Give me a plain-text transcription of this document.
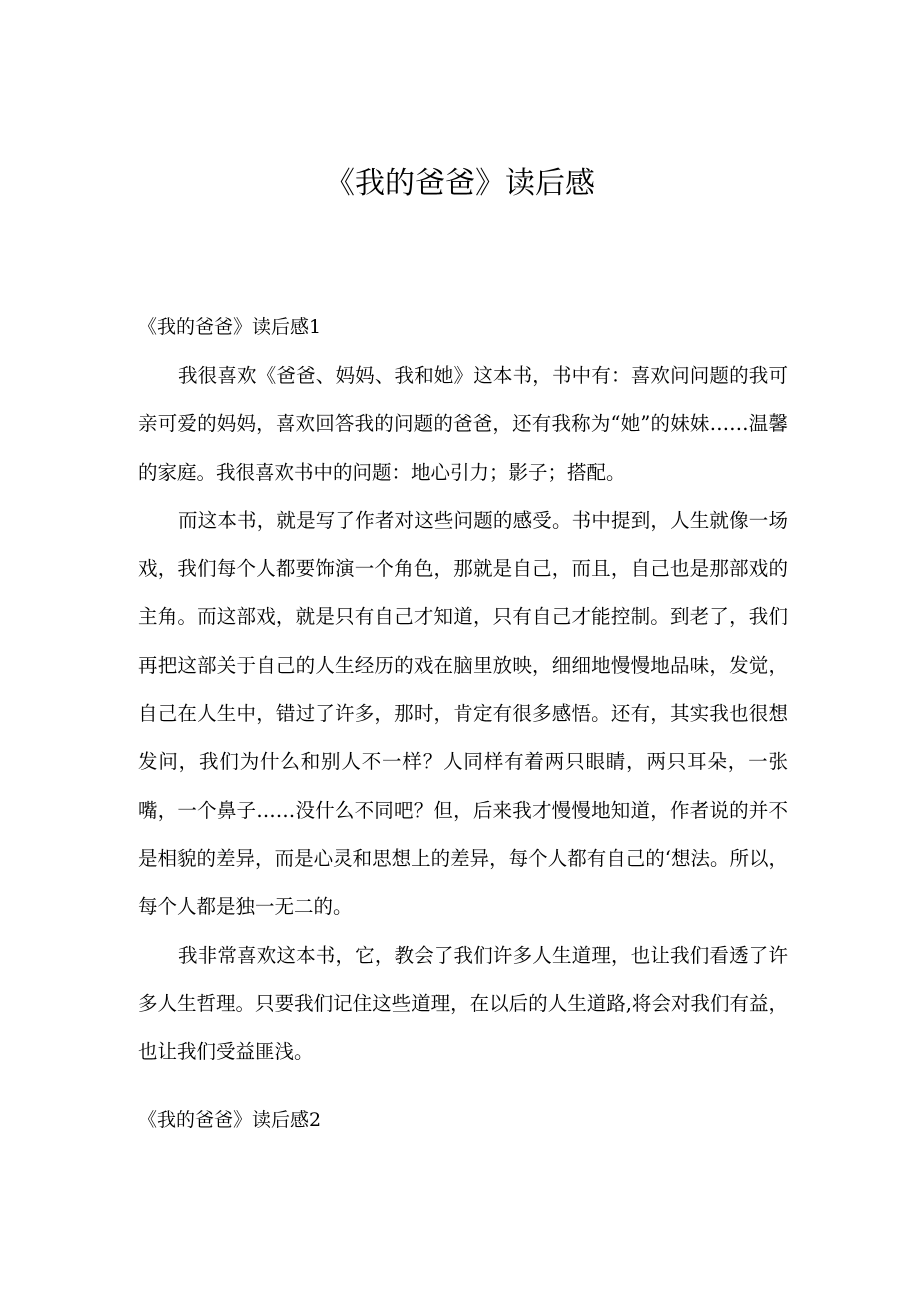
《我的爸爸》读后感
《我的爸爸》读后感1

我很喜欢《爸爸、妈妈、我和她》这本书，书中有：喜欢问问题的我可亲可爱的妈妈，喜欢回答我的问题的爸爸，还有我称为“她”的妹妹……温馨的家庭。我很喜欢书中的问题：地心引力；影子；搭配。

而这本书，就是写了作者对这些问题的感受。书中提到，人生就像一场戏，我们每个人都要饰演一个角色，那就是自己，而且，自己也是那部戏的主角。而这部戏，就是只有自己才知道，只有自己才能控制。到老了，我们再把这部关于自己的人生经历的戏在脑里放映，细细地慢慢地品味，发觉，自己在人生中，错过了许多，那时，肯定有很多感悟。还有，其实我也很想发问，我们为什么和别人不一样？人同样有着两只眼睛，两只耳朵，一张嘴，一个鼻子……没什么不同吧？但，后来我才慢慢地知道，作者说的并不是相貌的差异，而是心灵和思想上的差异，每个人都有自己的‘想法。所以，每个人都是独一无二的。

我非常喜欢这本书，它，教会了我们许多人生道理，也让我们看透了许多人生哲理。只要我们记住这些道理，在以后的人生道路,将会对我们有益，也让我们受益匪浅。

《我的爸爸》读后感2
